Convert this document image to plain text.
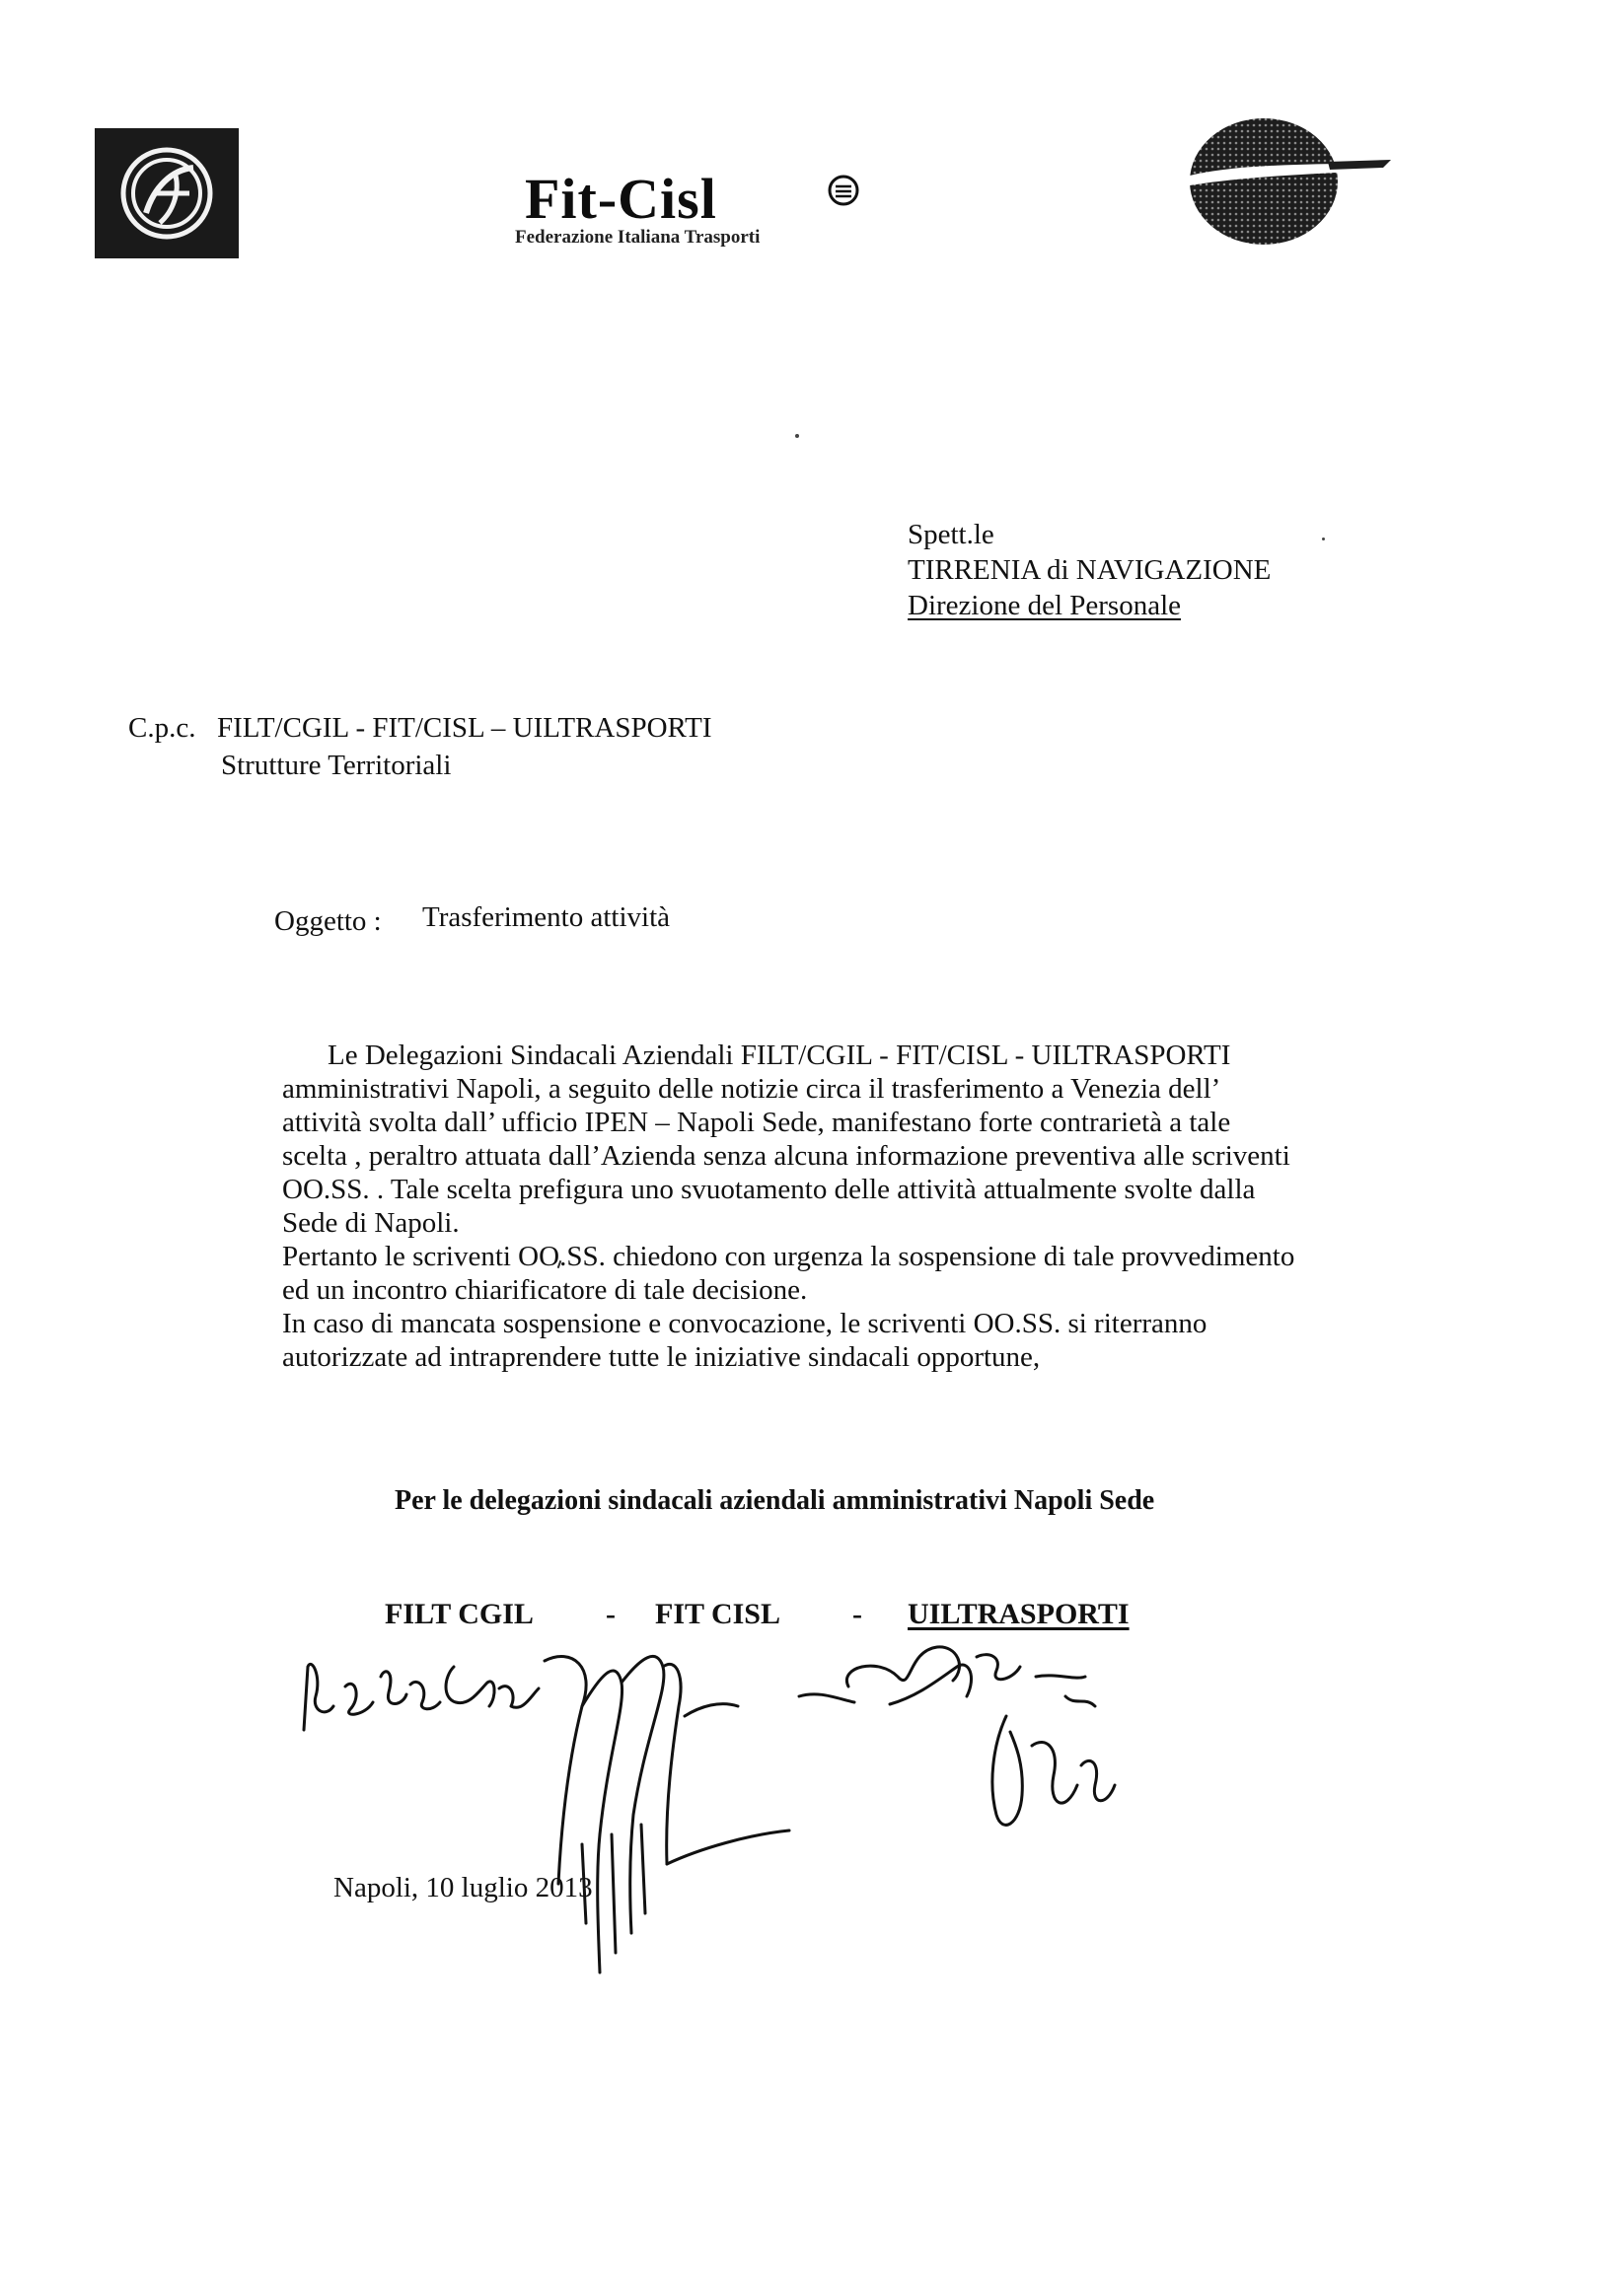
Fit-Cisl
Federazione Italiana Trasporti
Spett.le
TIRRENIA di NAVIGAZIONE
Direzione del Personale
C.p.c. FILT/CGIL - FIT/CISL – UILTRASPORTI
Strutture Territoriali
Oggetto : Trasferimento attività
Le Delegazioni Sindacali Aziendali FILT/CGIL - FIT/CISL - UILTRASPORTI
amministrativi Napoli, a seguito delle notizie circa il trasferimento a Venezia dell’
attività svolta dall’ ufficio IPEN – Napoli Sede, manifestano forte contrarietà a tale
scelta , peraltro attuata dall’Azienda senza alcuna informazione preventiva alle scriventi
OO.SS. . Tale scelta prefigura uno svuotamento delle attività attualmente svolte dalla
Sede di Napoli.
Pertanto le scriventi OO.SS. chiedono con urgenza la sospensione di tale provvedimento
ed un incontro chiarificatore di tale decisione.
In caso di mancata sospensione e convocazione, le scriventi OO.SS. si riterranno
autorizzate ad intraprendere tutte le iniziative sindacali opportune,
Per le delegazioni sindacali aziendali amministrativi Napoli Sede
FILT CGIL - FIT CISL - UILTRASPORTI
Napoli, 10 luglio 2013
